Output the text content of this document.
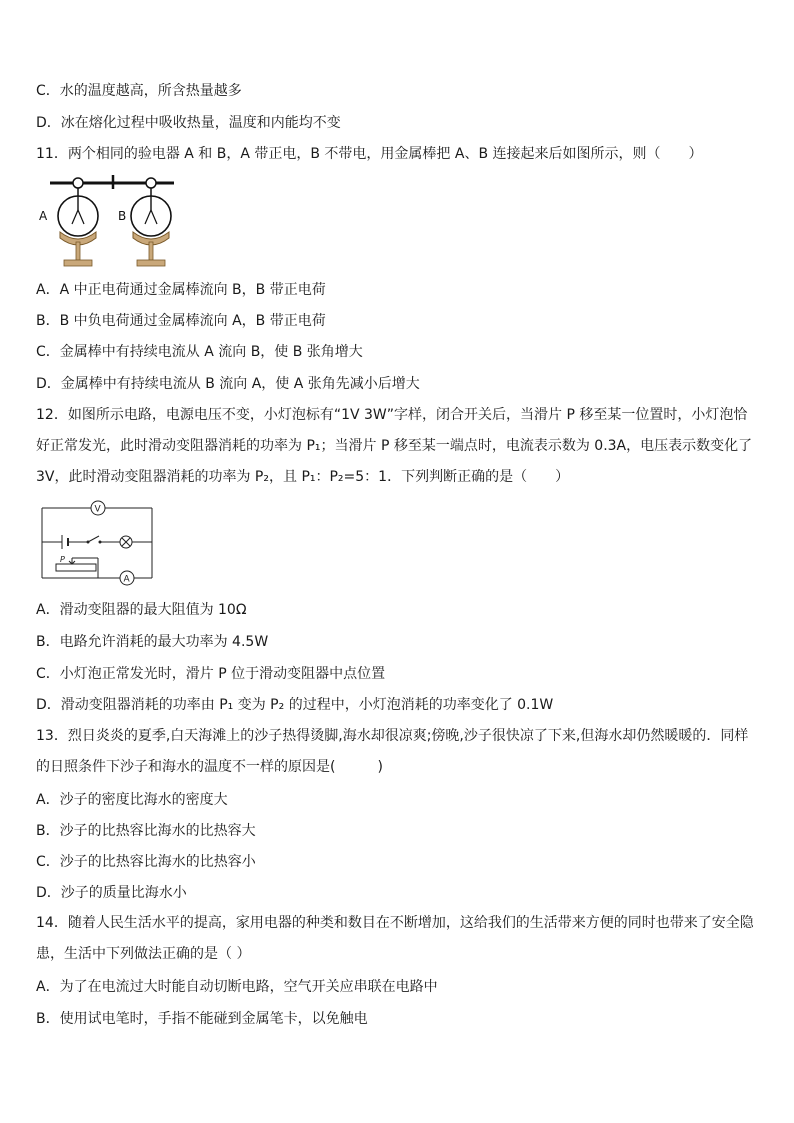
C．水的温度越高，所含热量越多
D．冰在熔化过程中吸收热量，温度和内能均不变
11．两个相同的验电器 A 和 B，A 带正电，B 不带电，用金属棒把 A、B 连接起来后如图所示，则（　　）
A	B
A．A 中正电荷通过金属棒流向 B，B 带正电荷
B．B 中负电荷通过金属棒流向 A，B 带正电荷
C．金属棒中有持续电流从 A 流向 B，使 B 张角增大
D．金属棒中有持续电流从 B 流向 A，使 A 张角先减小后增大
12．如图所示电路，电源电压不变，小灯泡标有“1V 3W”字样，闭合开关后，当滑片 P 移至某一位置时，小灯泡恰好正常发光，此时滑动变阻器消耗的功率为 P₁；当滑片 P 移至某一端点时，电流表示数为 0.3A，电压表示数变化了 3V，此时滑动变阻器消耗的功率为 P₂，且 P₁：P₂=5：1．下列判断正确的是（　　）
V
P
A
A．滑动变阻器的最大阻值为 10Ω
B．电路允许消耗的最大功率为 4.5W
C．小灯泡正常发光时，滑片 P 位于滑动变阻器中点位置
D．滑动变阻器消耗的功率由 P₁ 变为 P₂ 的过程中，小灯泡消耗的功率变化了 0.1W
13．烈日炎炎的夏季,白天海滩上的沙子热得烫脚,海水却很凉爽;傍晚,沙子很快凉了下来,但海水却仍然暖暖的．同样的日照条件下沙子和海水的温度不一样的原因是(　　　)
A．沙子的密度比海水的密度大
B．沙子的比热容比海水的比热容大
C．沙子的比热容比海水的比热容小
D．沙子的质量比海水小
14．随着人民生活水平的提高，家用电器的种类和数目在不断增加，这给我们的生活带来方便的同时也带来了安全隐患，生活中下列做法正确的是（ ）
A．为了在电流过大时能自动切断电路，空气开关应串联在电路中
B．使用试电笔时，手指不能碰到金属笔卡，以免触电
